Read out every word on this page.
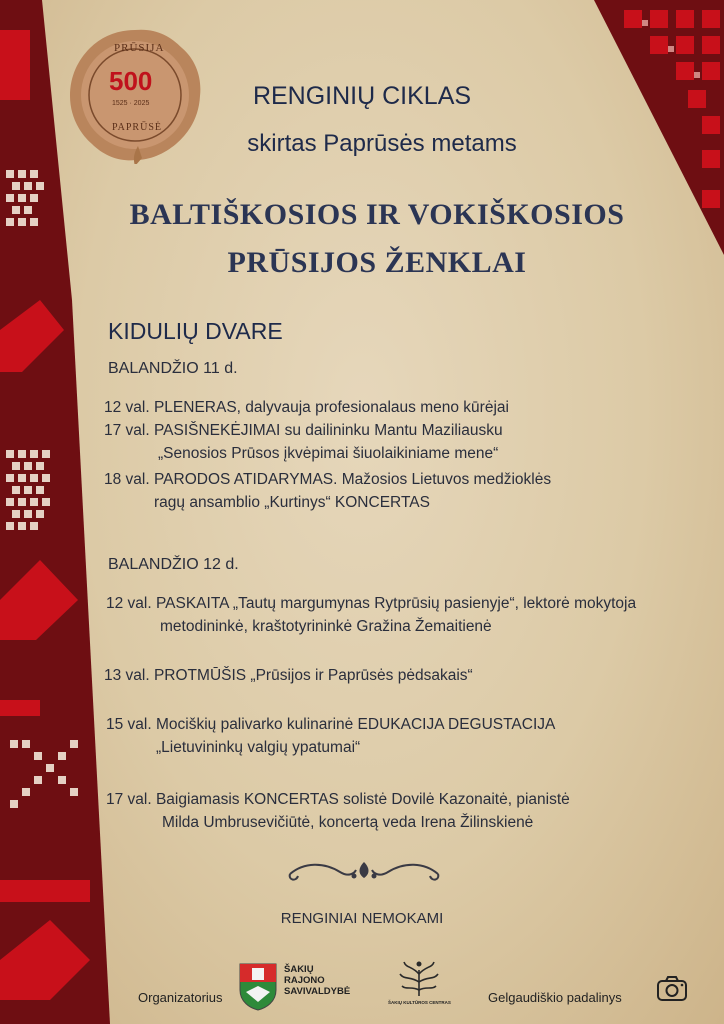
PRŪSIJA
500
1525 · 2025
PAPRŪSĖ
RENGINIŲ CIKLAS
skirtas Paprūsės metams
BALTIŠKOSIOS IR VOKIŠKOSIOS
PRŪSIJOS ŽENKLAI
KIDULIŲ DVARE
BALANDŽIO 11 d.
12 val. PLENERAS, dalyvauja profesionalaus meno kūrėjai
17 val. PASIŠNEKĖJIMAI su dailininku Mantu Maziliausku
„Senosios Prūsos įkvėpimai šiuolaikiniame mene“
18 val. PARODOS ATIDARYMAS. Mažosios Lietuvos medžioklės
ragų ansamblio „Kurtinys“ KONCERTAS
BALANDŽIO 12 d.
12 val. PASKAITA „Tautų margumynas Rytprūsių pasienyje“, lektorė mokytoja
metodininkė, kraštotyrininkė Gražina Žemaitienė
13 val. PROTMŪŠIS „Prūsijos ir Paprūsės pėdsakais“
15 val. Mociškių palivarko kulinarinė EDUKACIJA DEGUSTACIJA
„Lietuvininkų valgių ypatumai“
17 val. Baigiamasis KONCERTAS solistė Dovilė Kazonaitė, pianistė
Milda Umbrusevičiūtė, koncertą veda Irena Žilinskienė
RENGINIAI NEMOKAMI
Organizatorius
ŠAKIŲ
RAJONO
SAVIVALDYBĖ
ŠAKIŲ KULTŪROS CENTRAS	Gelgaudiškio padalinys
